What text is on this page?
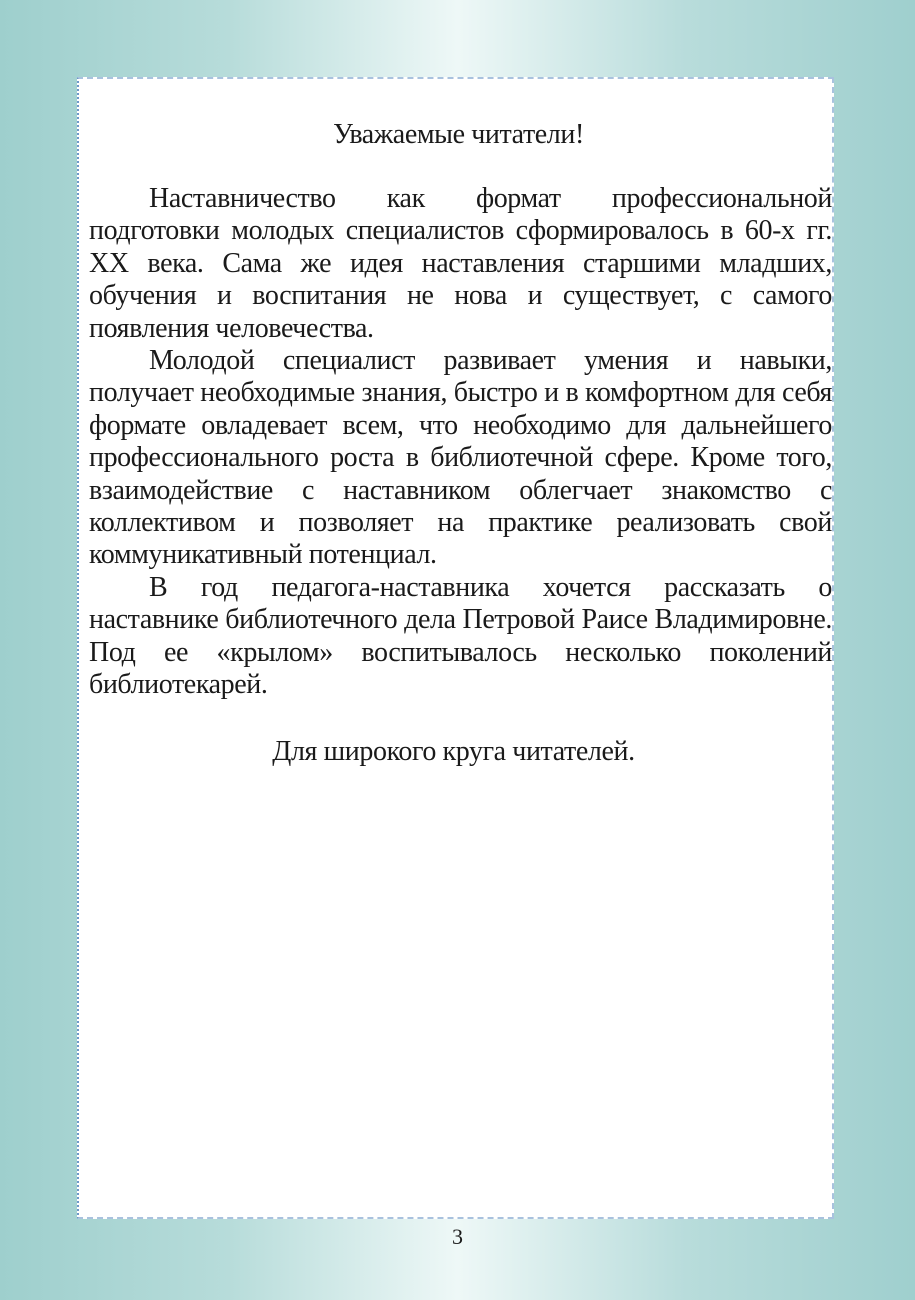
Уважаемые читатели!

Наставничество как формат профессиональной подготовки молодых специалистов сформировалось в 60-х гг. XX века. Сама же идея наставления старшими младших, обучения и воспитания не нова и существует, с самого появления человечества.

Молодой специалист развивает умения и навыки, получает необходимые знания, быстро и в комфортном для себя формате овладевает всем, что необходимо для дальнейшего профессионального роста в библиотечной сфере. Кроме того, взаимодействие с наставником облегчает знакомство с коллективом и позволяет на практике реализовать свой коммуникативный потенциал.

В год педагога-наставника хочется рассказать о наставнике библиотечного дела Петровой Раисе Владимировне. Под ее «крылом» воспитывалось несколько поколений библиотекарей.

Для широкого круга читателей.

3
